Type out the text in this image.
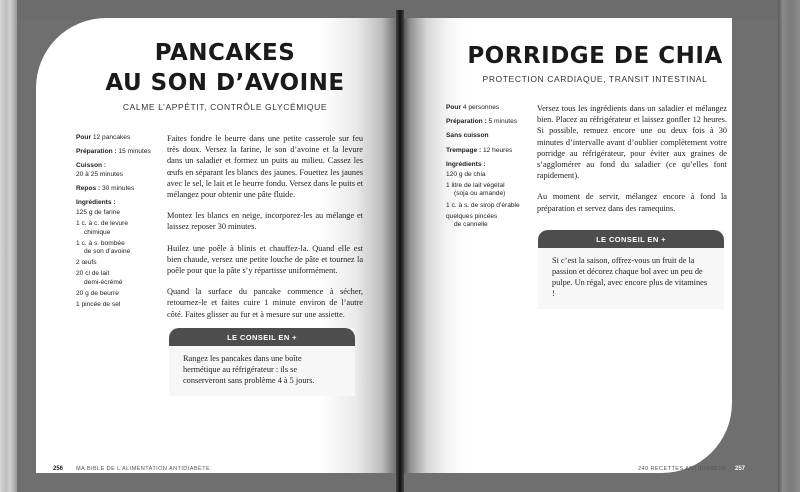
PANCAKES
AU SON D’AVOINE
CALME L’APPÉTIT, CONTRÔLE GLYCÉMIQUE
Pour 12 pancakes
Préparation : 15 minutes
Cuisson :
20 à 25 minutes
Repos : 30 minutes
Ingrédients :
125 g de farine
1 c. à c. de levure
chimique
1 c. à s. bombée
de son d’avoine
2 œufs
20 cl de lait
demi-écrémé
20 g de beurre
1 pincée de sel

Faites fondre le beurre dans une petite casserole sur feu très doux. Versez la farine, le son d’avoine et la levure dans un saladier et formez un puits au milieu. Cassez les œufs en séparant les blancs des jaunes. Fouettez les jaunes avec le sel, le lait et le beurre fondu. Versez dans le puits et mélangez pour obtenir une pâte fluide.

Montez les blancs en neige, incorporez-les au mélange et laissez reposer 30 minutes.

Huilez une poêle à blinis et chauffez-la. Quand elle est bien chaude, versez une petite louche de pâte et tournez la poêle pour que la pâte s’y répartisse uniformément.

Quand la surface du pancake commence à sécher, retournez-le et faites cuire 1 minute environ de l’autre côté. Faites glisser au fur et à mesure sur une assiette.

LE CONSEIL EN +
Rangez les pancakes dans une boîte hermétique au réfrigérateur : ils se conserveront sans problème 4 à 5 jours.
256 MA BIBLE DE L’ALIMENTATION ANTIDIABÈTE
PORRIDGE DE CHIA
PROTECTION CARDIAQUE, TRANSIT INTESTINAL
Pour 4 personnes
Préparation : 5 minutes
Sans cuisson
Trempage : 12 heures
Ingrédients :
120 g de chia
1 litre de lait végétal
(soja ou amande)
1 c. à s. de sirop d’érable
quelques pincées
de cannelle

Versez tous les ingrédients dans un saladier et mélangez bien. Placez au réfrigérateur et laissez gonfler 12 heures. Si possible, remuez encore une ou deux fois à 30 minutes d’intervalle avant d’oublier complètement votre porridge au réfrigérateur, pour éviter aux graines de s’agglomérer au fond du saladier (ce qu’elles font rapidement).

Au moment de servir, mélangez encore à fond la préparation et servez dans des ramequins.

LE CONSEIL EN +
Si c’est la saison, offrez-vous un fruit de la passion et décorez chaque bol avec un peu de pulpe. Un régal, avec encore plus de vitamines !
240 RECETTES ANTIDIABÈTE 257
